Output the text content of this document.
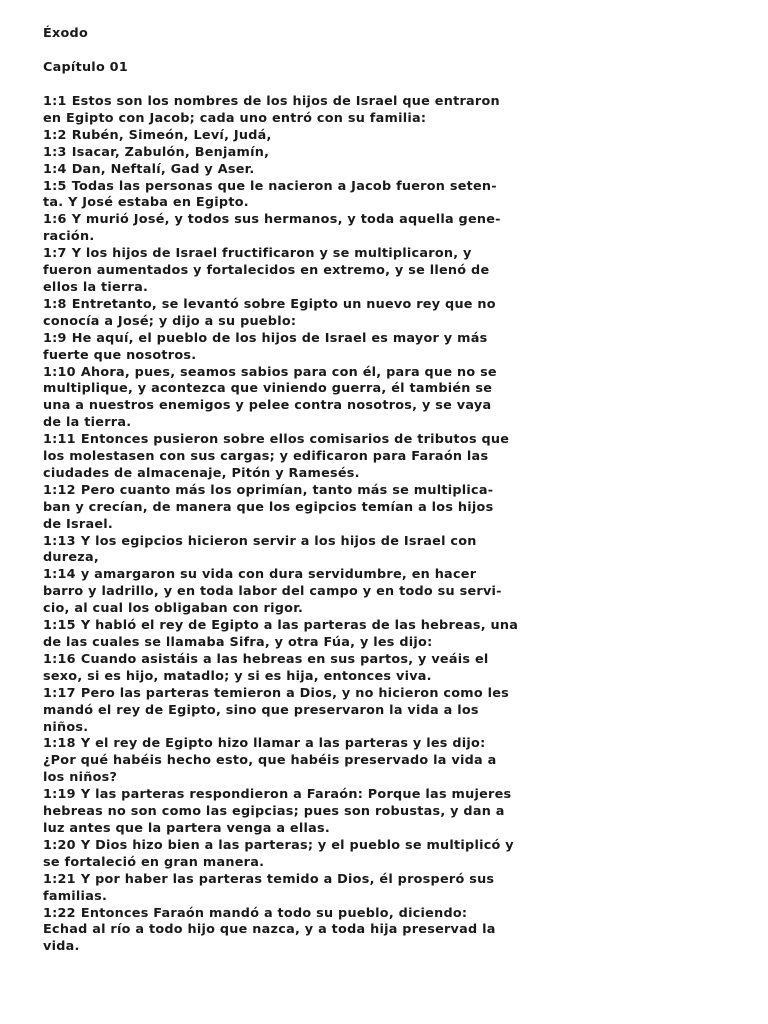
Éxodo
Capítulo 01
1:1 Estos son los nombres de los hijos de Israel que entraron
en Egipto con Jacob; cada uno entró con su familia:
1:2 Rubén, Simeón, Leví, Judá,
1:3 Isacar, Zabulón, Benjamín,
1:4 Dan, Neftalí, Gad y Aser.
1:5 Todas las personas que le nacieron a Jacob fueron seten-
ta. Y José estaba en Egipto.
1:6 Y murió José, y todos sus hermanos, y toda aquella gene-
ración.
1:7 Y los hijos de Israel fructificaron y se multiplicaron, y
fueron aumentados y fortalecidos en extremo, y se llenó de
ellos la tierra.
1:8 Entretanto, se levantó sobre Egipto un nuevo rey que no
conocía a José; y dijo a su pueblo:
1:9 He aquí, el pueblo de los hijos de Israel es mayor y más
fuerte que nosotros.
1:10 Ahora, pues, seamos sabios para con él, para que no se
multiplique, y acontezca que viniendo guerra, él también se
una a nuestros enemigos y pelee contra nosotros, y se vaya
de la tierra.
1:11 Entonces pusieron sobre ellos comisarios de tributos que
los molestasen con sus cargas; y edificaron para Faraón las
ciudades de almacenaje, Pitón y Ramesés.
1:12 Pero cuanto más los oprimían, tanto más se multiplica-
ban y crecían, de manera que los egipcios temían a los hijos
de Israel.
1:13 Y los egipcios hicieron servir a los hijos de Israel con
dureza,
1:14 y amargaron su vida con dura servidumbre, en hacer
barro y ladrillo, y en toda labor del campo y en todo su servi-
cio, al cual los obligaban con rigor.
1:15 Y habló el rey de Egipto a las parteras de las hebreas, una
de las cuales se llamaba Sifra, y otra Fúa, y les dijo:
1:16 Cuando asistáis a las hebreas en sus partos, y veáis el
sexo, si es hijo, matadlo; y si es hija, entonces viva.
1:17 Pero las parteras temieron a Dios, y no hicieron como les
mandó el rey de Egipto, sino que preservaron la vida a los
niños.
1:18 Y el rey de Egipto hizo llamar a las parteras y les dijo:
¿Por qué habéis hecho esto, que habéis preservado la vida a
los niños?
1:19 Y las parteras respondieron a Faraón: Porque las mujeres
hebreas no son como las egipcias; pues son robustas, y dan a
luz antes que la partera venga a ellas.
1:20 Y Dios hizo bien a las parteras; y el pueblo se multiplicó y
se fortaleció en gran manera.
1:21 Y por haber las parteras temido a Dios, él prosperó sus
familias.
1:22 Entonces Faraón mandó a todo su pueblo, diciendo:
Echad al río a todo hijo que nazca, y a toda hija preservad la
vida.
